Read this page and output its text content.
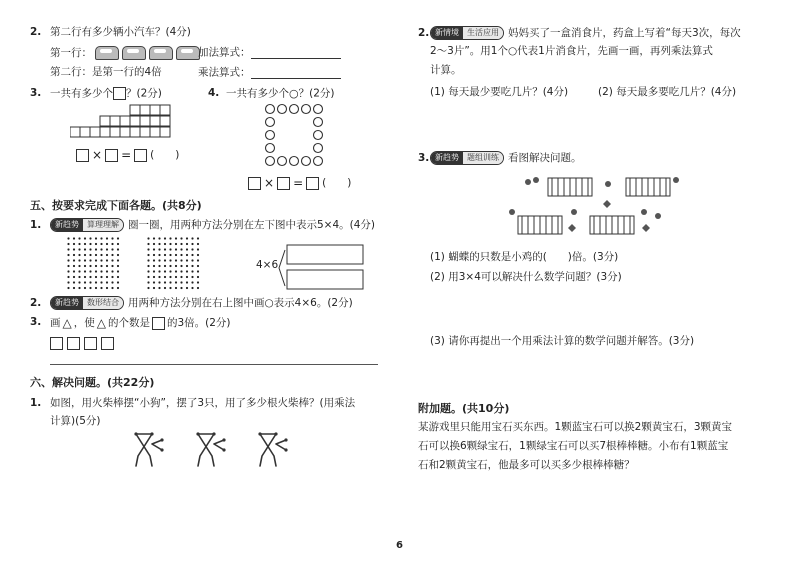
2. 第二行有多少辆小汽车？(4分)
第一行：
第二行：是第一行的4倍
加法算式：
乘法算式：
3. 一共有多少个 ？(2分)
× = (　　)
4. 一共有多少个○？(2分)
× = (　　)
五、按要求完成下面各题。(共8分)
1.	新趋势 算理理解 圈一圈，用两种方法分别在左下图中表示5×4。(4分)
4×6
2.	新趋势 数形结合 用两种方法分别在右上图中画○表示4×6。(2分)
3. 画 △ ，使 △ 的个数是 的3倍。(2分)
六、解决问题。(共22分)
1. 如图，用火柴棒摆“小狗”，摆了3只，用了多少根火柴棒？(用乘法
计算)(5分)
2. 新情境 生活应用 妈妈买了一盒消食片，药盒上写着“每天3次，每次
2～3片”。用1个○代表1片消食片，先画一画，再列乘法算式
计算。
(1) 每天最少要吃几片？(4分)	(2) 每天最多要吃几片？(4分)
3. 新趋势 题组训练 看图解决问题。
(1) 蝴蝶的只数是小鸡的(　　)倍。(3分)
(2) 用3×4可以解决什么数学问题？(3分)
(3) 请你再提出一个用乘法计算的数学问题并解答。(3分)
附加题。(共10分)
某游戏里只能用宝石买东西。1颗蓝宝石可以换2颗黄宝石，3颗黄宝
石可以换6颗绿宝石，1颗绿宝石可以买7根棒棒糖。小布有1颗蓝宝
石和2颗黄宝石，他最多可以买多少根棒棒糖？
6
